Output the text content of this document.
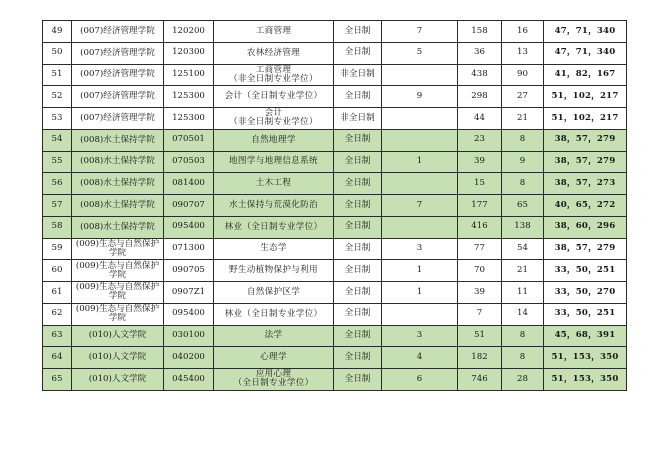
49	(007)经济管理学院	120200	工商管理	全日制	7	158	16	47，71，340
50	(007)经济管理学院	120300	农林经济管理	全日制	5	36	13	47，71，340
51	(007)经济管理学院	125100	工商管理
（非全日制专业学位）	非全日制		438	90	41，82，167
52	(007)经济管理学院	125300	会计（全日制专业学位）	全日制	9	298	27	51，102，217
53	(007)经济管理学院	125300	会计
（非全日制专业学位）	非全日制		44	21	51，102，217
54	(008)水土保持学院	070501	自然地理学	全日制		23	8	38，57，279
55	(008)水土保持学院	070503	地图学与地理信息系统	全日制	1	39	9	38，57，279
56	(008)水土保持学院	081400	土木工程	全日制		15	8	38，57，273
57	(008)水土保持学院	090707	水土保持与荒漠化防治	全日制	7	177	65	40，65，272
58	(008)水土保持学院	095400	林业（全日制专业学位）	全日制		416	138	38，60，296
59	(009)生态与自然保护学院	071300	生态学	全日制	3	77	54	38，57，279
60	(009)生态与自然保护学院	090705	野生动植物保护与利用	全日制	1	70	21	33，50，251
61	(009)生态与自然保护学院	0907Z1	自然保护区学	全日制	1	39	11	33，50，270
62	(009)生态与自然保护学院	095400	林业（全日制专业学位）	全日制		7	14	33，50，251
63	(010)人文学院	030100	法学	全日制	3	51	8	45，68，391
64	(010)人文学院	040200	心理学	全日制	4	182	8	51，153，350
65	(010)人文学院	045400	应用心理
（全日制专业学位）	全日制	6	746	28	51，153，350
